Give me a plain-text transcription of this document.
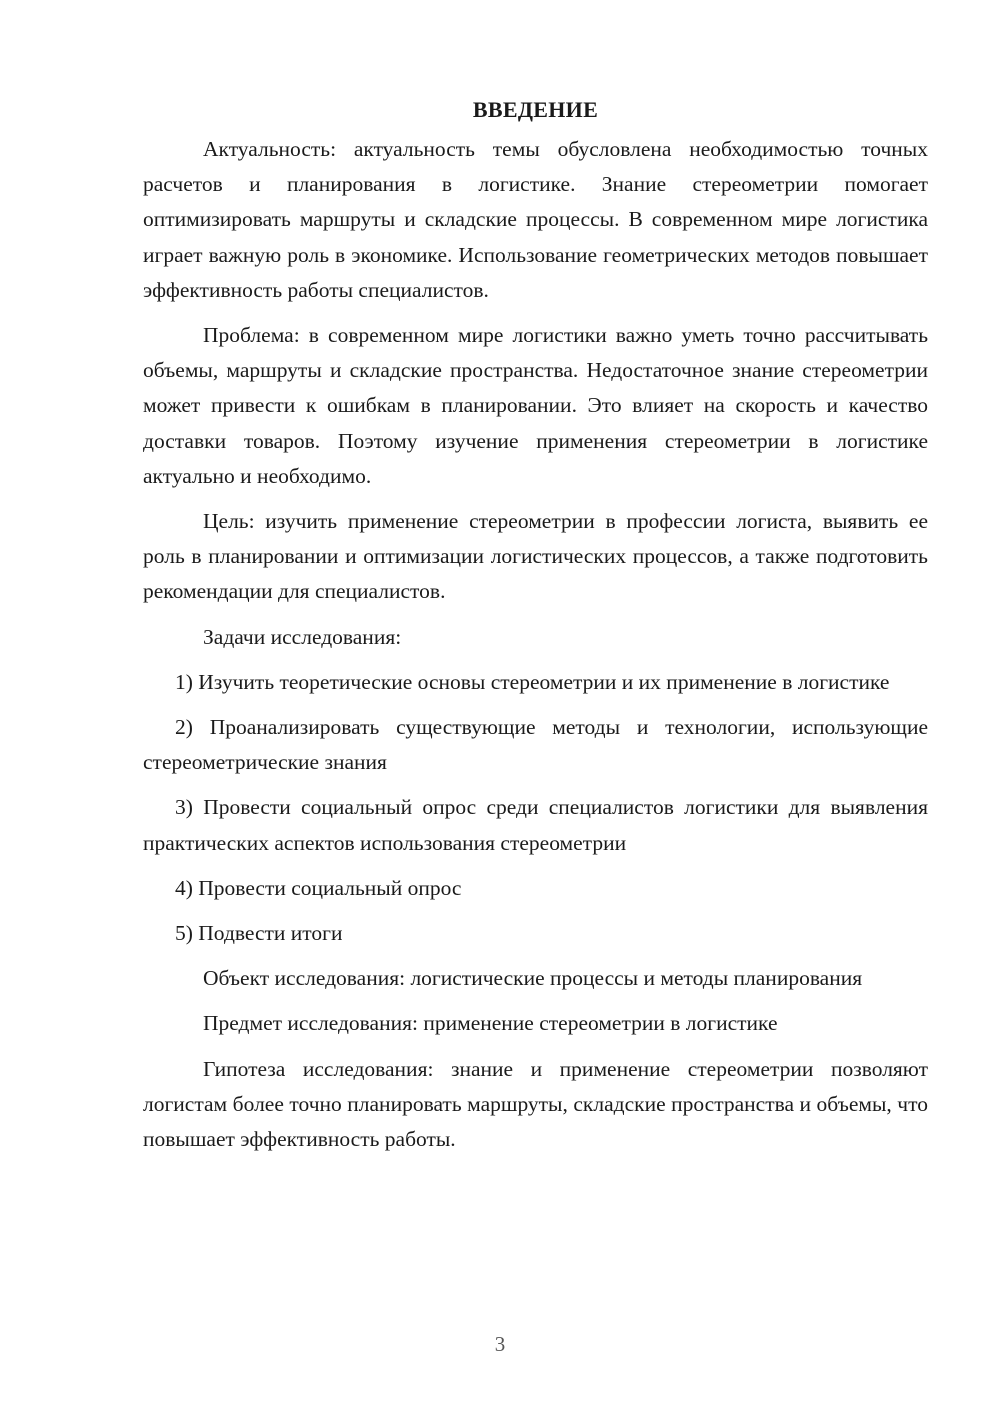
ВВЕДЕНИЕ

Актуальность: актуальность темы обусловлена необходимостью точных расчетов и планирования в логистике. Знание стереометрии помогает оптимизировать маршруты и складские процессы. В современном мире логистика играет важную роль в экономике. Использование геометрических методов повышает эффективность работы специалистов.

Проблема: в современном мире логистики важно уметь точно рассчитывать объемы, маршруты и складские пространства. Недостаточное знание стереометрии может привести к ошибкам в планировании. Это влияет на скорость и качество доставки товаров. Поэтому изучение применения стереометрии в логистике актуально и необходимо.

Цель: изучить применение стереометрии в профессии логиста, выявить ее роль в планировании и оптимизации логистических процессов, а также подготовить рекомендации для специалистов.

Задачи исследования:

1) Изучить теоретические основы стереометрии и их применение в логистике

2) Проанализировать существующие методы и технологии, использующие стереометрические знания

3) Провести социальный опрос среди специалистов логистики для выявления практических аспектов использования стереометрии

4) Провести социальный опрос

5) Подвести итоги

Объект исследования: логистические процессы и методы планирования

Предмет исследования: применение стереометрии в логистике

Гипотеза исследования: знание и применение стереометрии позволяют логистам более точно планировать маршруты, складские пространства и объемы, что повышает эффективность работы.

3
